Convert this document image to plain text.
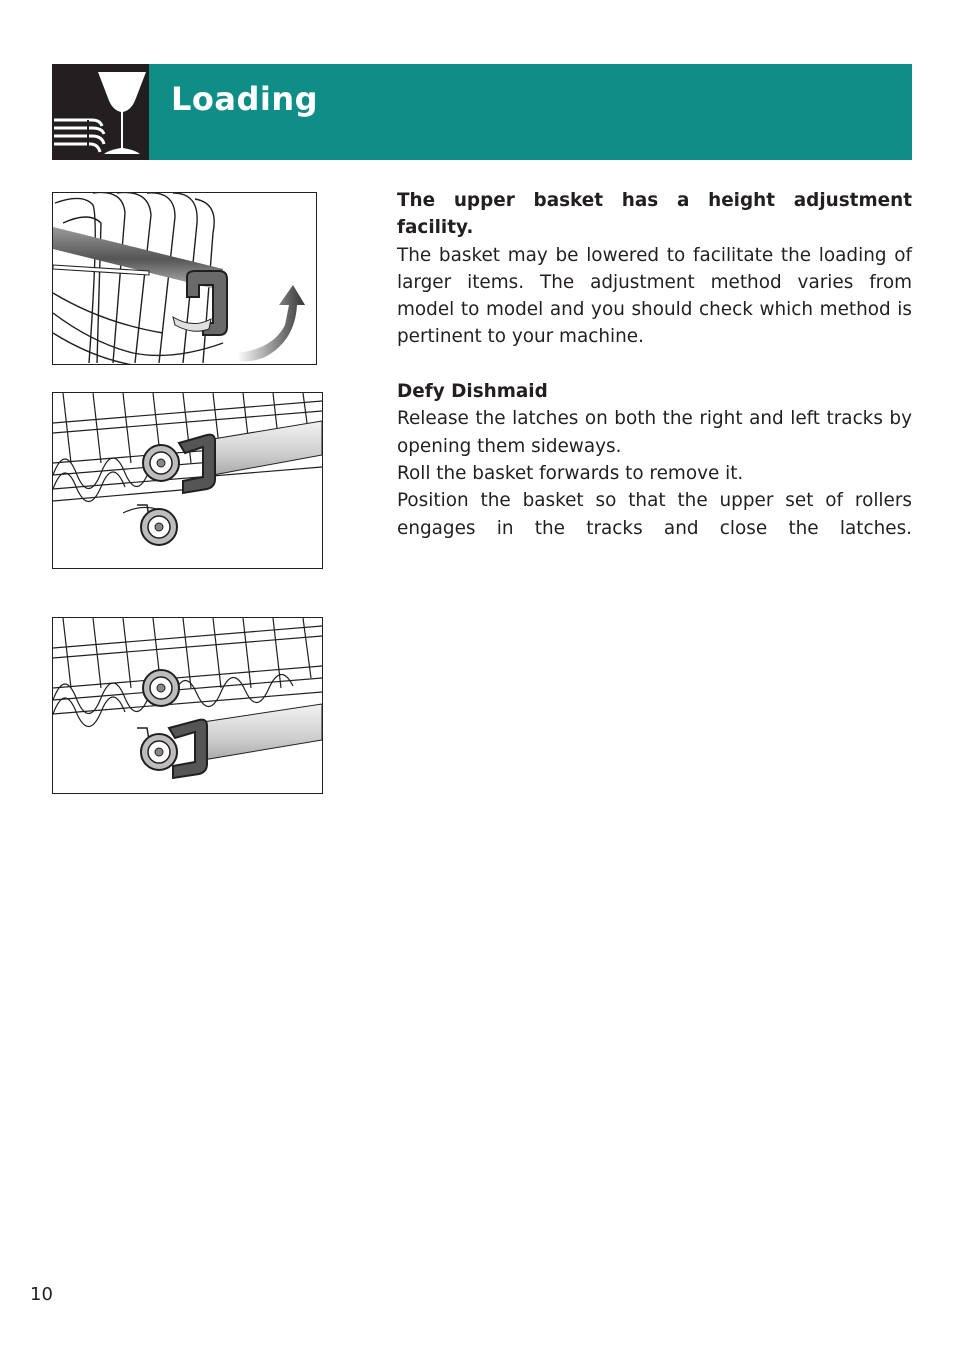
Loading

The upper basket has a height adjustment facility.

The basket may be lowered to facilitate the loading of larger items. The adjustment method varies from model to model and you should check which method is pertinent to your machine.

Defy Dishmaid

Release the latches on both the right and left tracks by opening them sideways.

Roll the basket forwards to remove it.

Position the basket so that the upper set of rollers engages in the tracks and close the latches.

10
